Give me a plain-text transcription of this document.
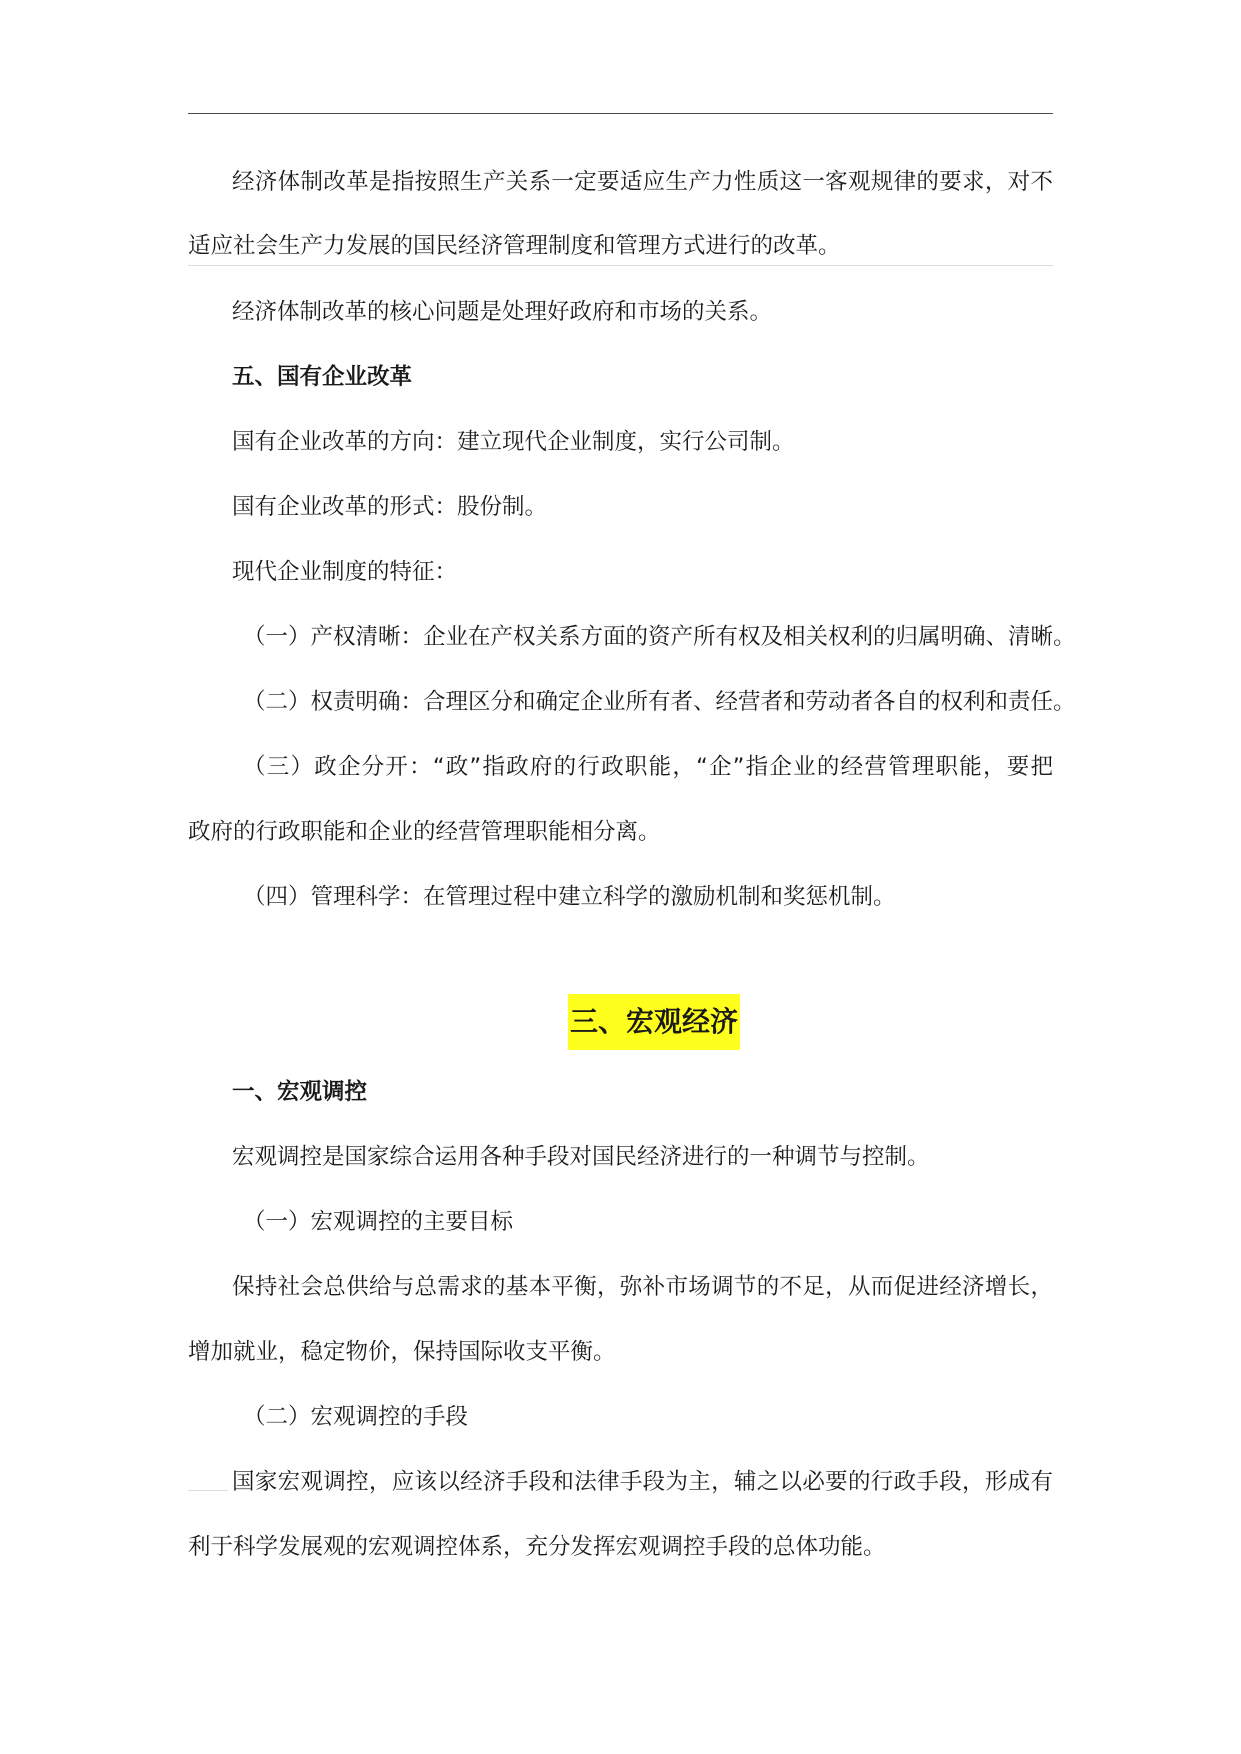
经济体制改革是指按照生产关系一定要适应生产力性质这一客观规律的要求，对不
适应社会生产力发展的国民经济管理制度和管理方式进行的改革。
经济体制改革的核心问题是处理好政府和市场的关系。
五、国有企业改革
国有企业改革的方向：建立现代企业制度，实行公司制。
国有企业改革的形式：股份制。
现代企业制度的特征：
（一）产权清晰：企业在产权关系方面的资产所有权及相关权利的归属明确、清晰。
（二）权责明确：合理区分和确定企业所有者、经营者和劳动者各自的权利和责任。
（三）政企分开：“政”指政府的行政职能，“企”指企业的经营管理职能，要把
政府的行政职能和企业的经营管理职能相分离。
（四）管理科学：在管理过程中建立科学的激励机制和奖惩机制。
三、宏观经济
一、宏观调控
宏观调控是国家综合运用各种手段对国民经济进行的一种调节与控制。
（一）宏观调控的主要目标
保持社会总供给与总需求的基本平衡，弥补市场调节的不足，从而促进经济增长，
增加就业，稳定物价，保持国际收支平衡。
（二）宏观调控的手段
国家宏观调控，应该以经济手段和法律手段为主，辅之以必要的行政手段，形成有
利于科学发展观的宏观调控体系，充分发挥宏观调控手段的总体功能。
